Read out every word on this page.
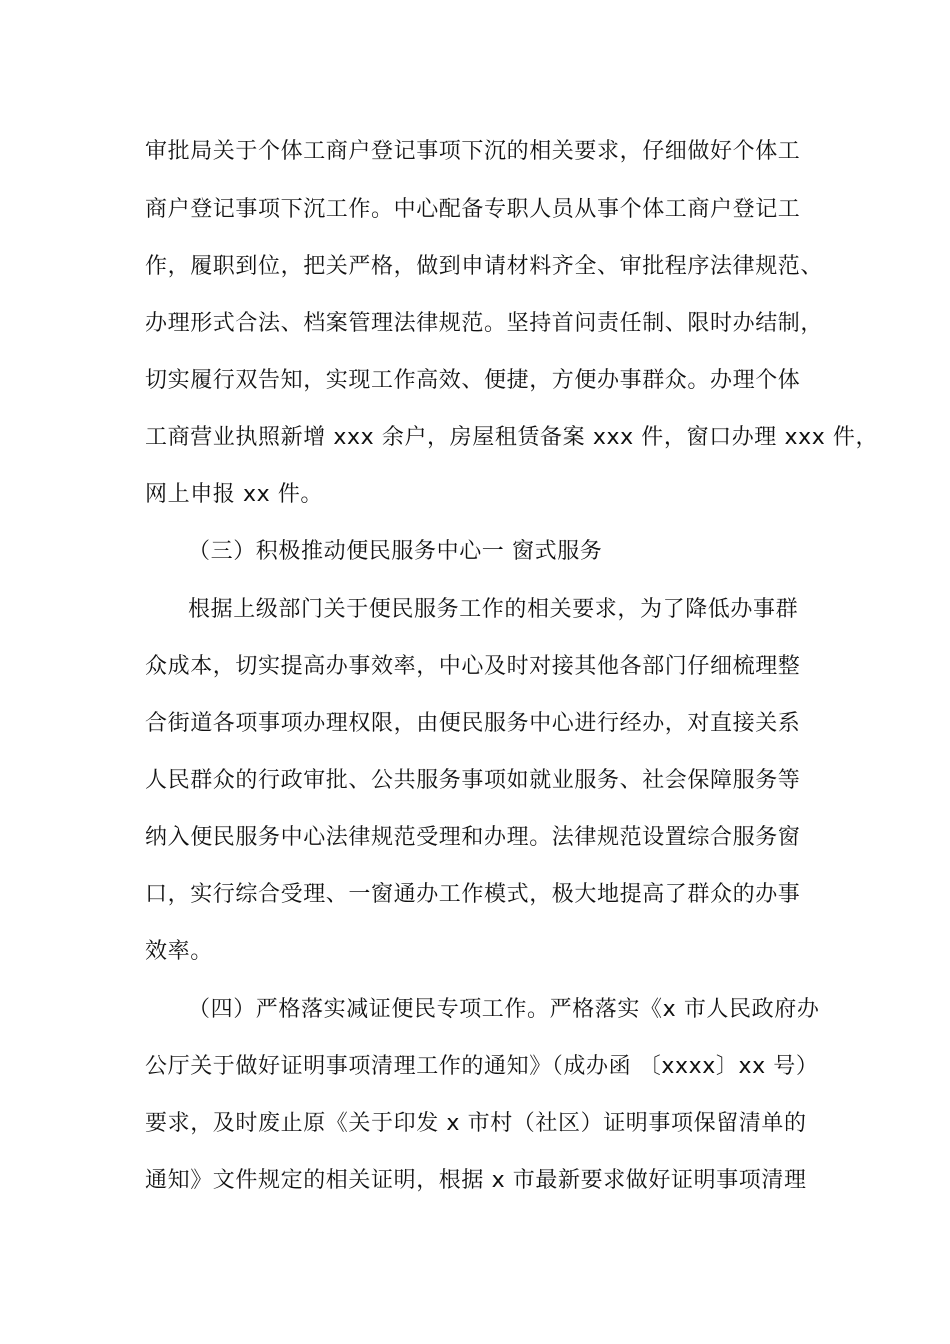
审批局关于个体工商户登记事项下沉的相关要求，仔细做好个体工
商户登记事项下沉工作。中心配备专职人员从事个体工商户登记工
作，履职到位，把关严格，做到申请材料齐全、审批程序法律规范、
办理形式合法、档案管理法律规范。坚持首问责任制、限时办结制，
切实履行双告知，实现工作高效、便捷，方便办事群众。办理个体
工商营业执照新增 xxx 余户，房屋租赁备案 xxx 件，窗口办理 xxx 件，
网上申报 xx 件。
（三）积极推动便民服务中心一 窗式服务
根据上级部门关于便民服务工作的相关要求，为了降低办事群
众成本，切实提高办事效率，中心及时对接其他各部门仔细梳理整
合街道各项事项办理权限，由便民服务中心进行经办，对直接关系
人民群众的行政审批、公共服务事项如就业服务、社会保障服务等
纳入便民服务中心法律规范受理和办理。法律规范设置综合服务窗
口，实行综合受理、一窗通办工作模式，极大地提高了群众的办事
效率。
（四）严格落实减证便民专项工作。严格落实《x 市人民政府办
公厅关于做好证明事项清理工作的通知》（成办函 〔xxxx〕xx 号）
要求，及时废止原《关于印发 x 市村（社区）证明事项保留清单的
通知》文件规定的相关证明，根据 x 市最新要求做好证明事项清理
